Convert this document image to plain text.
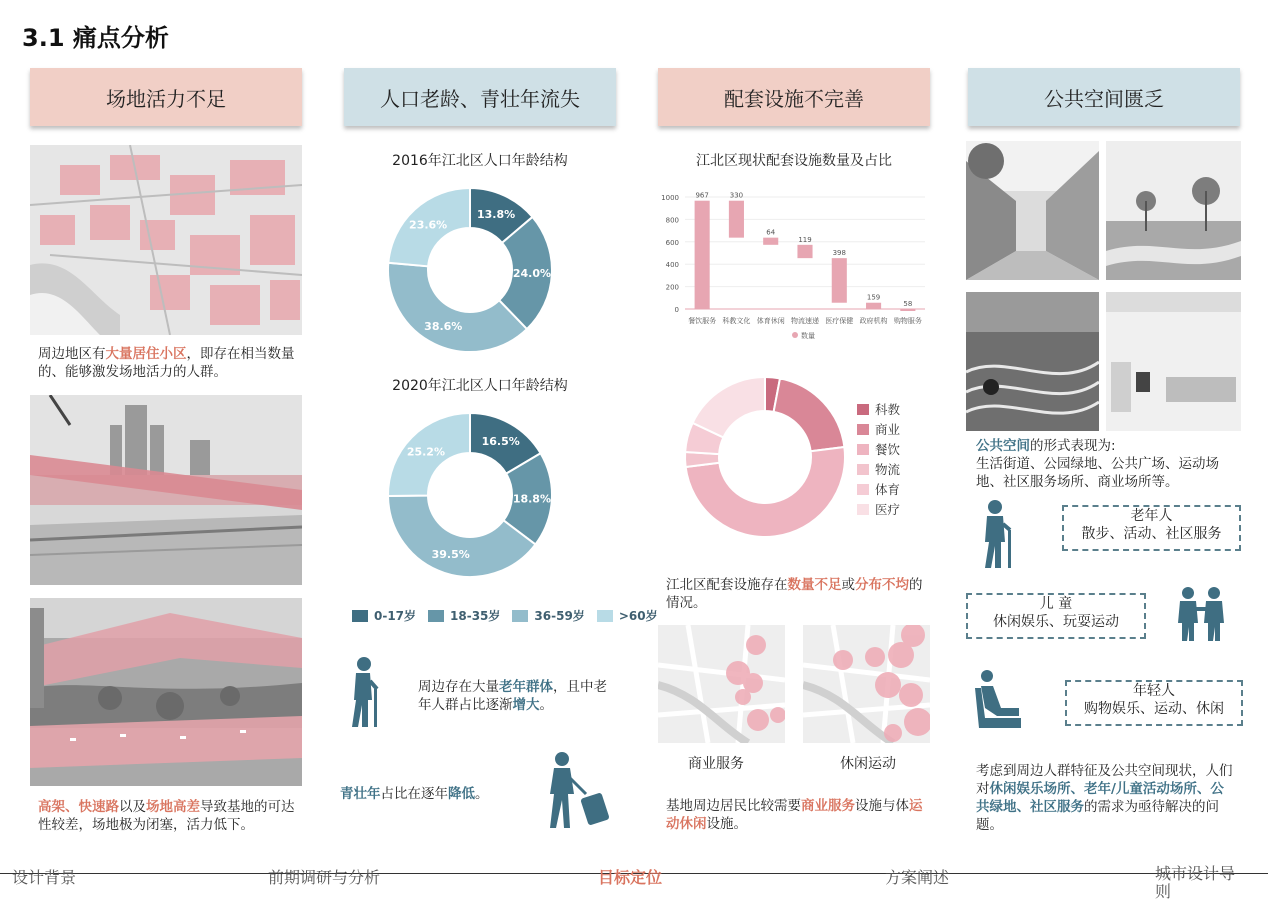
3.1 痛点分析
场地活力不足	人口老龄、青壮年流失	配套设施不完善	公共空间匮乏
周边地区有大量居住小区，即存在相当数量的、能够激发场地活力的人群。
高架、快速路以及场地高差导致基地的可达性较差，场地极为闭塞，活力低下。
2016年江北区人口年龄结构
13.8%
24.0%
38.6%
23.6%
2020年江北区人口年龄结构
16.5%
18.8%
39.5%
25.2%
0-17岁	18-35岁	36-59岁	>60岁
周边存在大量老年群体，且中老年人群占比逐渐增大。
青壮年占比在逐年降低。
江北区现状配套设施数量及占比
1000
800
600
400
200
0
967
餐饮服务
330
科教文化
64
体育休闲
119
物流速递
398
医疗保健
159
政府机构
58
购物服务
数量
科教
商业
餐饮
物流
体育
医疗
江北区配套设施存在数量不足或分布不均的情况。
商业服务	休闲运动
基地周边居民比较需要商业服务设施与体运动休闲设施。
公共空间的形式表现为:
生活街道、公园绿地、公共广场、运动场地、社区服务场所、商业场所等。
老年人
散步、活动、社区服务
儿 童
休闲娱乐、玩耍运动
年轻人
购物娱乐、运动、休闲
考虑到周边人群特征及公共空间现状，人们对休闲娱乐场所、老年/儿童活动场所、公共绿地、社区服务的需求为亟待解决的问题。
设计背景	前期调研与分析	目标定位	方案阐述	城市设计导则
